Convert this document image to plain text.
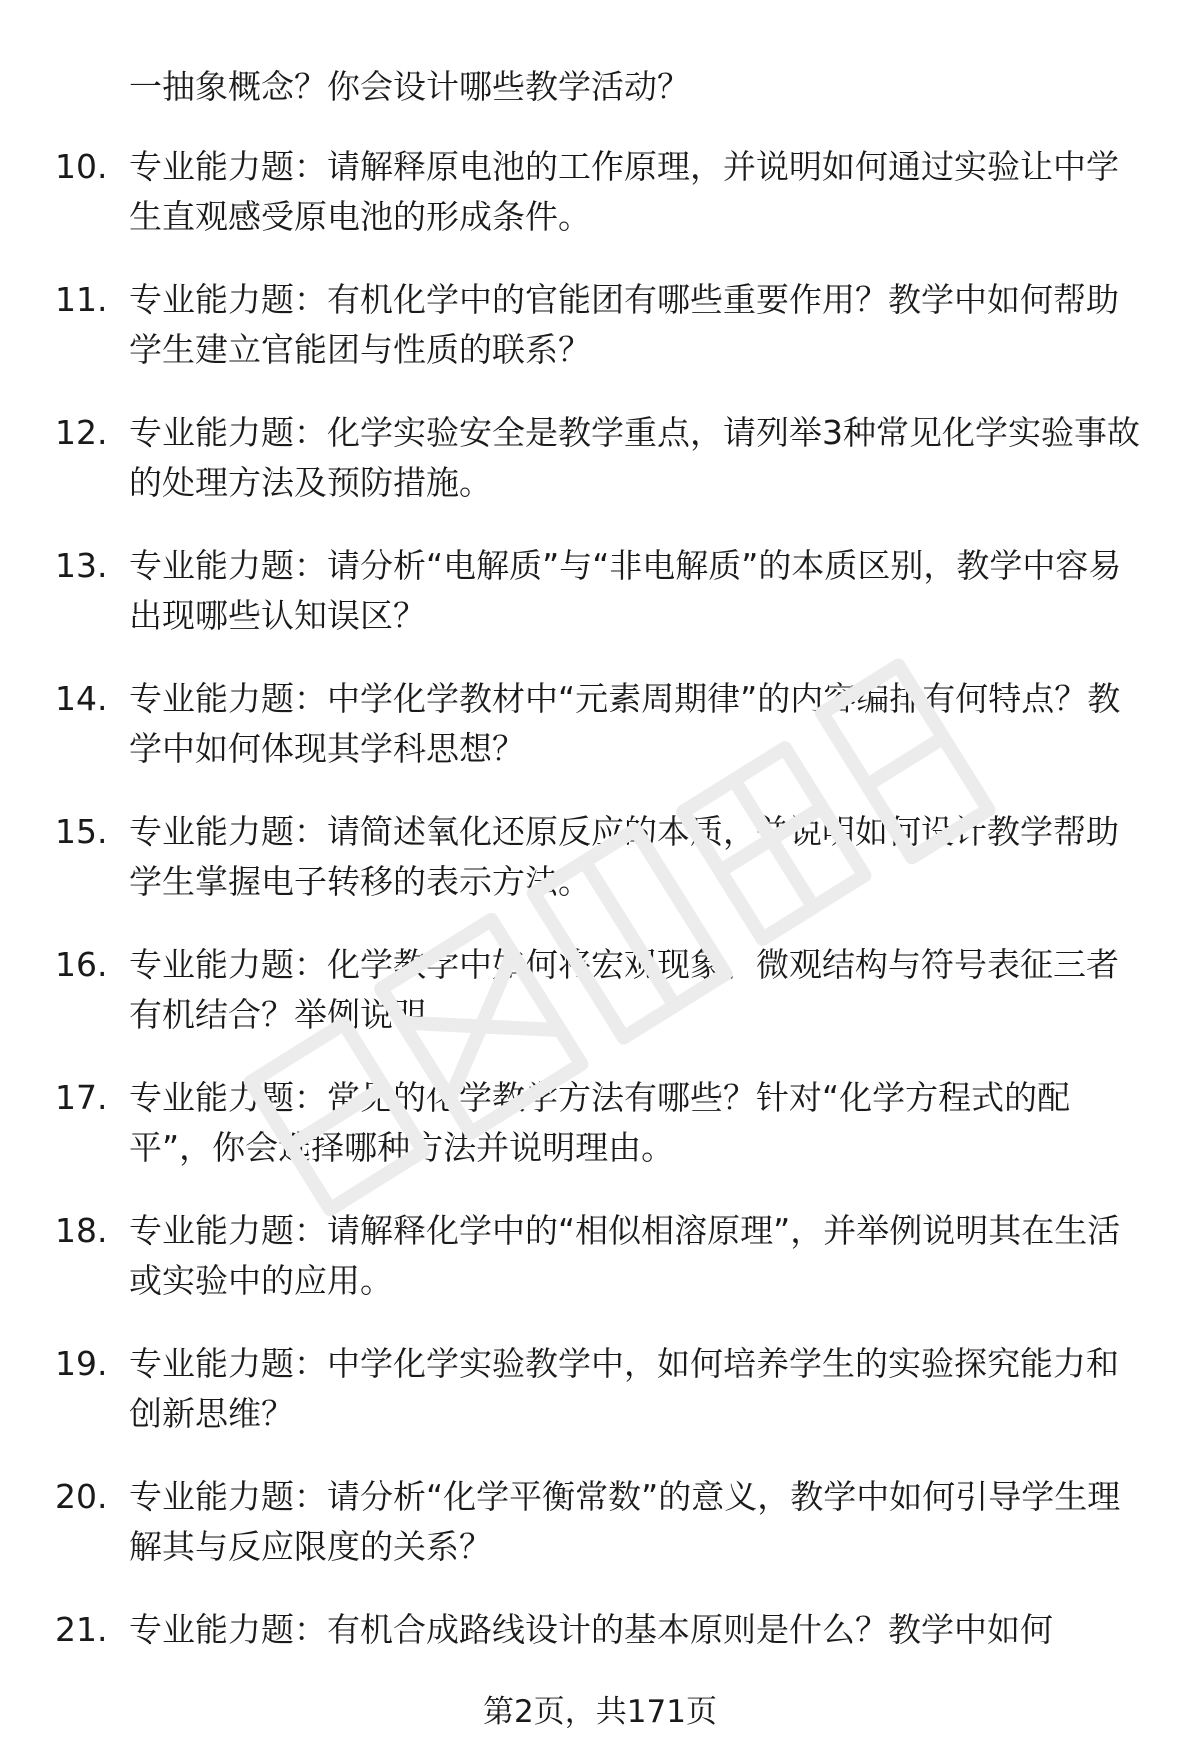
一抽象概念？你会设计哪些教学活动？

10. 专业能力题：请解释原电池的工作原理，并说明如何通过实验让中学生直观感受原电池的形成条件。

11. 专业能力题：有机化学中的官能团有哪些重要作用？教学中如何帮助学生建立官能团与性质的联系？

12. 专业能力题：化学实验安全是教学重点，请列举3种常见化学实验事故的处理方法及预防措施。

13. 专业能力题：请分析“电解质”与“非电解质”的本质区别，教学中容易出现哪些认知误区？

14. 专业能力题：中学化学教材中“元素周期律”的内容编排有何特点？教学中如何体现其学科思想？

15. 专业能力题：请简述氧化还原反应的本质，并说明如何设计教学帮助学生掌握电子转移的表示方法。

16. 专业能力题：化学教学中如何将宏观现象、微观结构与符号表征三者有机结合？举例说明。

17. 专业能力题：常见的化学教学方法有哪些？针对“化学方程式的配平”，你会选择哪种方法并说明理由。

18. 专业能力题：请解释化学中的“相似相溶原理”，并举例说明其在生活或实验中的应用。

19. 专业能力题：中学化学实验教学中，如何培养学生的实验探究能力和创新思维？

20. 专业能力题：请分析“化学平衡常数”的意义，教学中如何引导学生理解其与反应限度的关系？

21. 专业能力题：有机合成路线设计的基本原则是什么？教学中如何

第2页，共171页
